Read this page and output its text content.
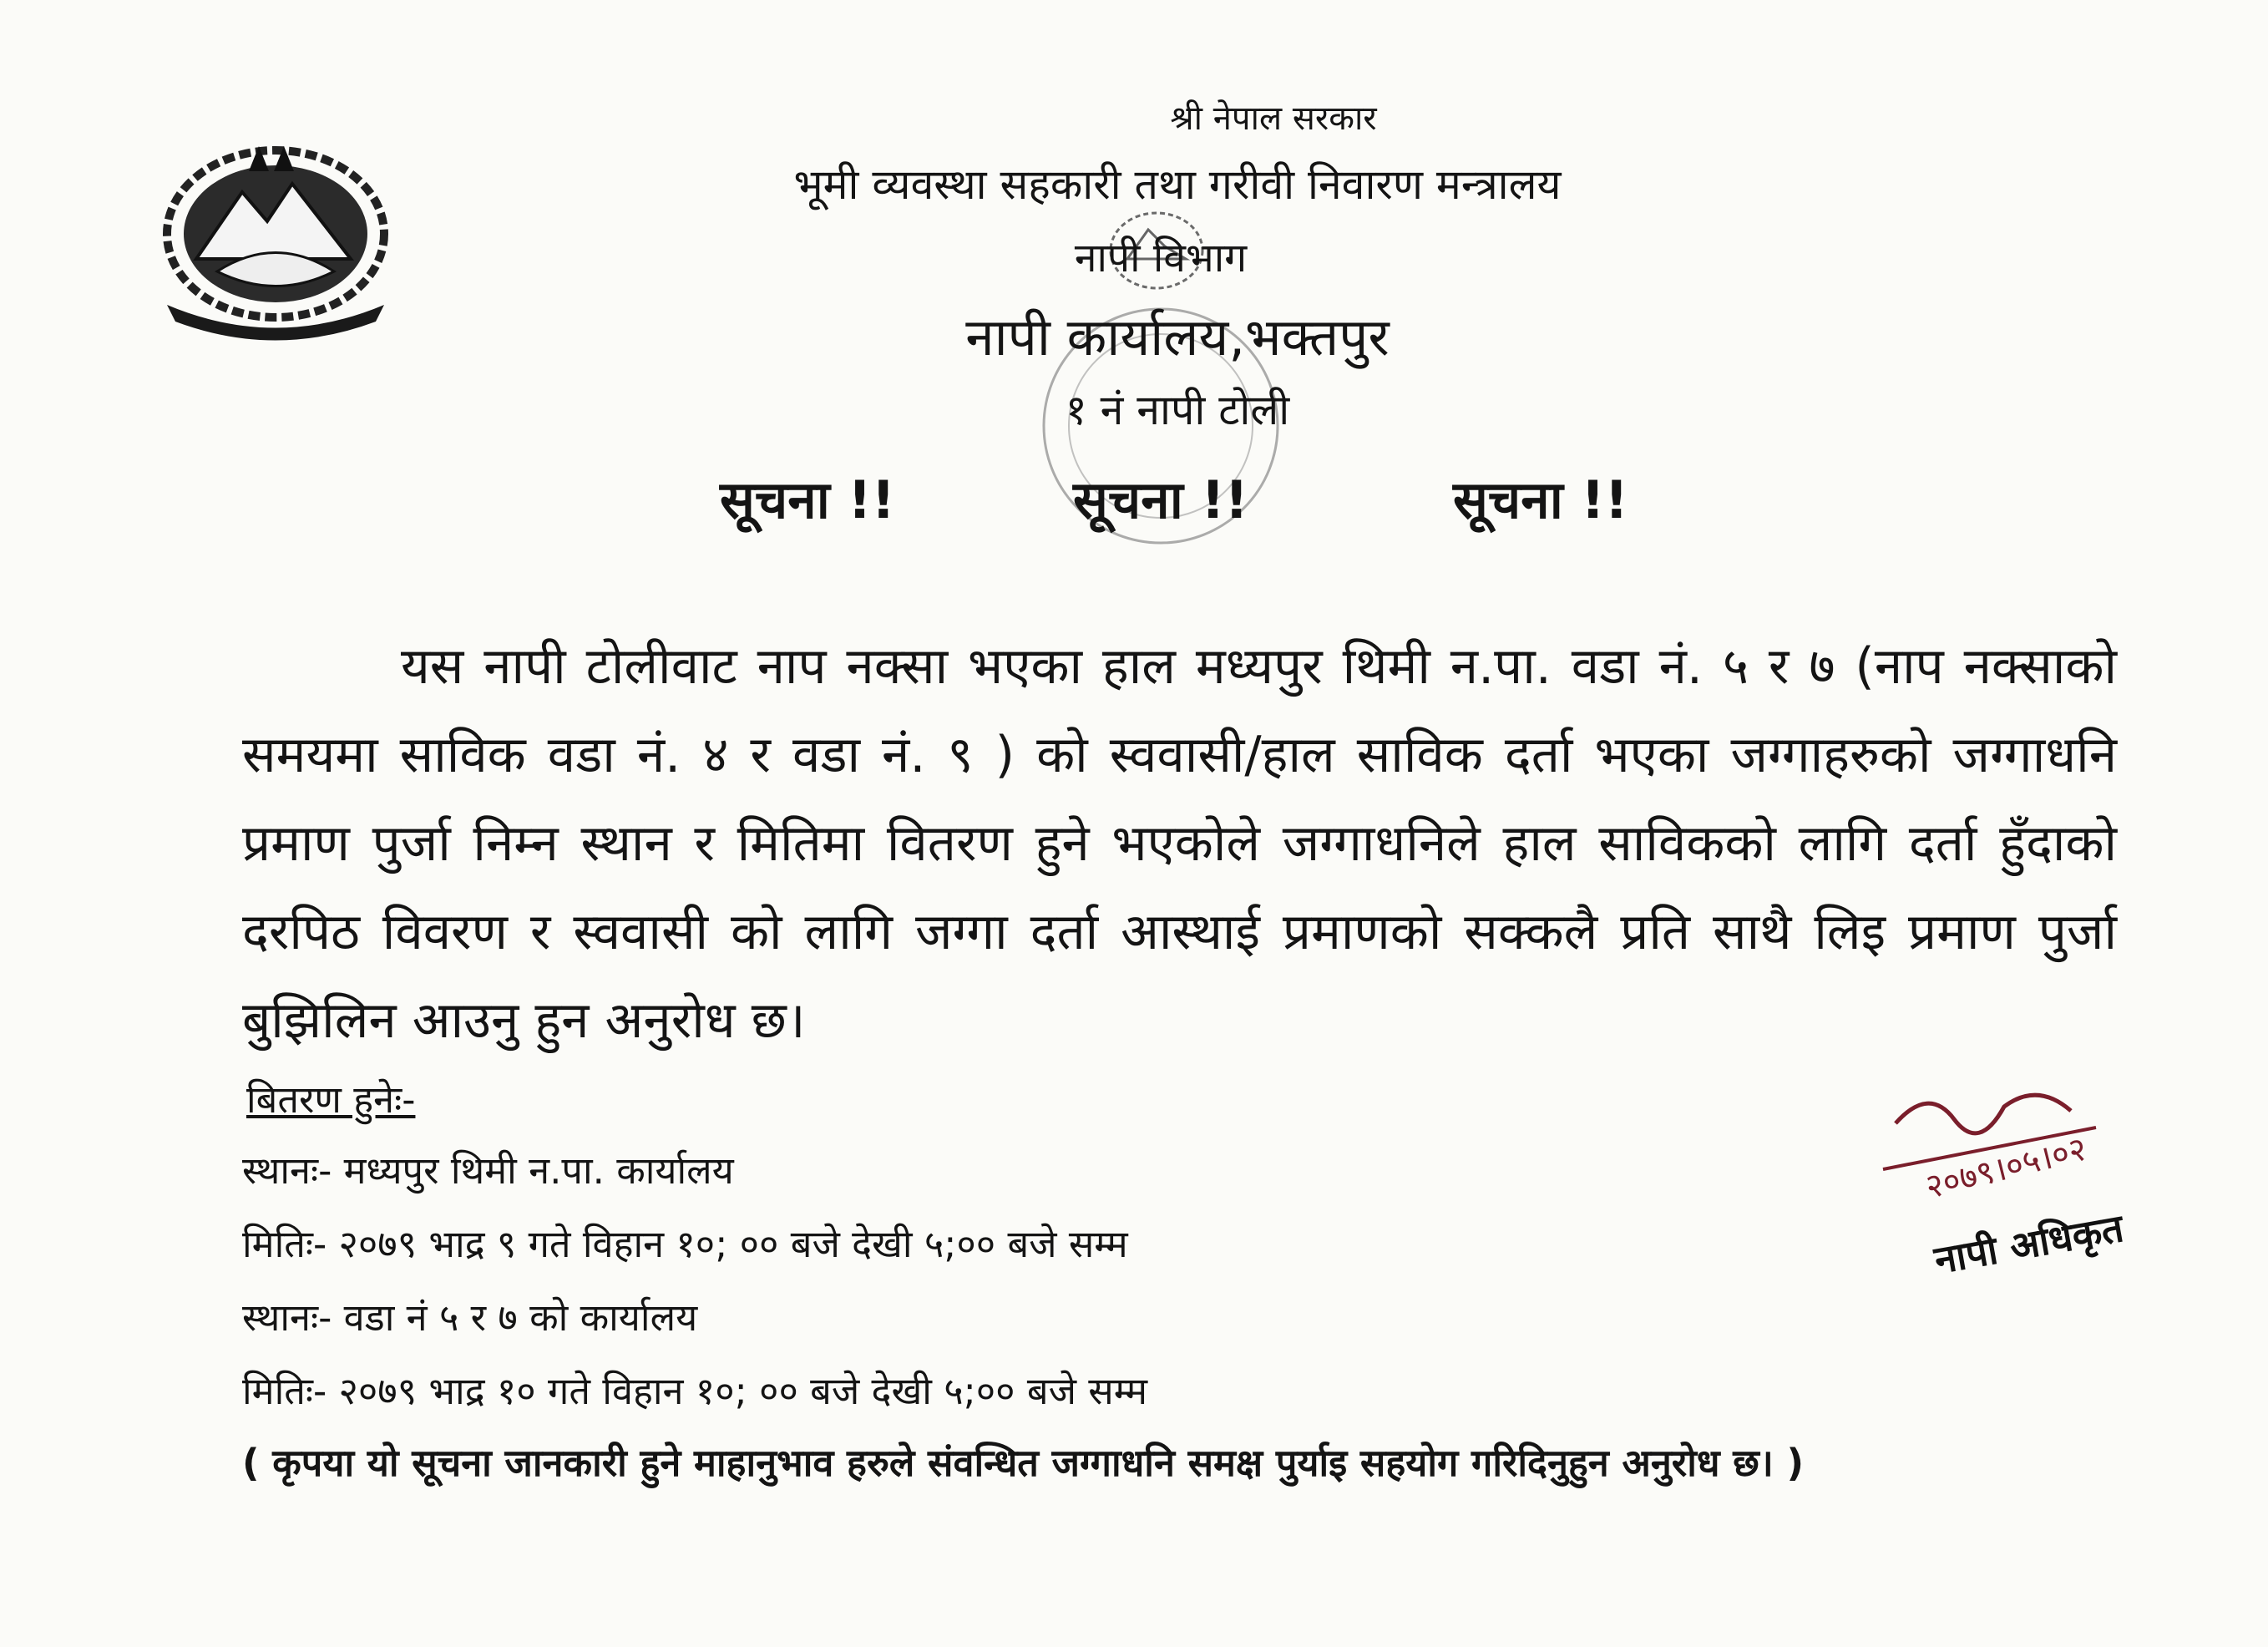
श्री नेपाल सरकार
भूमी व्यवस्था सहकारी तथा गरीवी निवारण मन्त्रालय
नापी विभाग
नापी कार्यालय,भक्तपुर
१ नं नापी टोली
सूचना !!	सूचना !!	सूचना !!
यस नापी टोलीवाट नाप नक्सा भएका हाल मध्यपुर थिमी न.पा. वडा नं. ५ र ७ (नाप नक्साको समयमा साविक वडा नं. ४ र वडा नं. ९ ) को स्ववासी/हाल साविक दर्ता भएका जग्गाहरुको जग्गाधनि प्रमाण पुर्जा निम्न स्थान र मितिमा वितरण हुने भएकोले जग्गाधनिले हाल साविकको लागि दर्ता हुँदाको दरपिठ विवरण र स्ववासी को लागि जग्गा दर्ता आस्थाई प्रमाणको सक्कलै प्रति साथै लिइ प्रमाण पुर्जा बुझिलिन आउनु हुन अनुरोध छ।
बितरण हुनेः-
स्थानः- मध्यपुर थिमी न.पा. कार्यालय
मितिः- २०७९ भाद्र ९ गते विहान १०; ०० बजे देखी ५;०० बजे सम्म
स्थानः- वडा नं ५ र ७ को कार्यालय
मितिः- २०७९ भाद्र १० गते विहान १०; ०० बजे देखी ५;०० बजे सम्म
( कृपया यो सूचना जानकारी हुने माहानुभाव हरुले संवन्धित जग्गाधनि समक्ष पुर्याइ सहयोग गरिदिनुहुन अनुरोध छ। )
२०७९।०५।०२
नापी अधिकृत
